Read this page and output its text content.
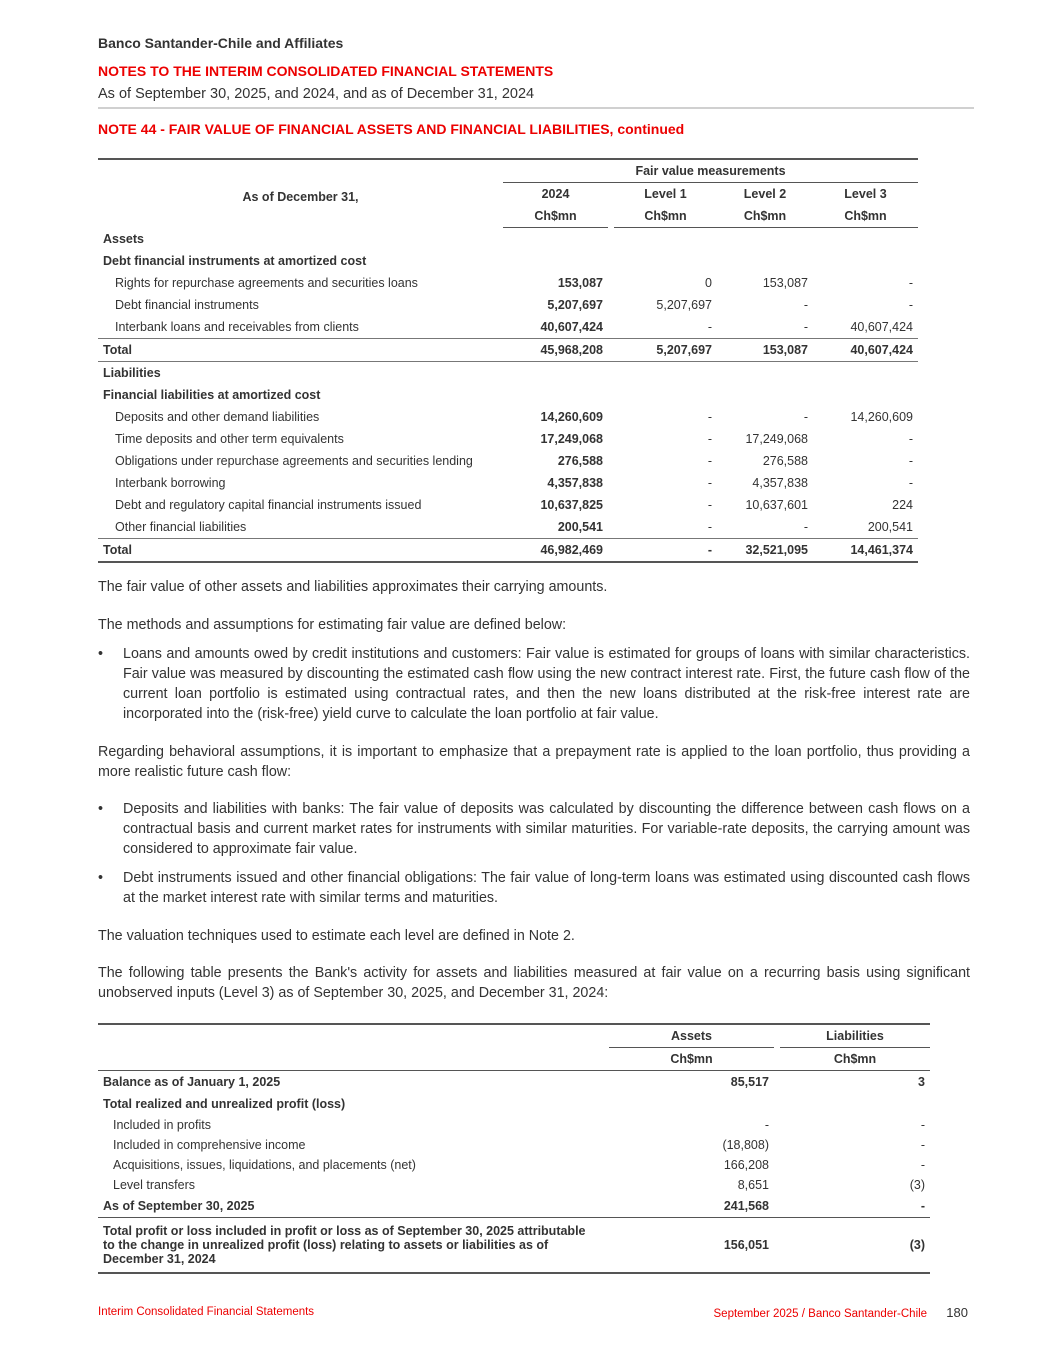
Banco Santander-Chile and Affiliates
NOTES TO THE INTERIM CONSOLIDATED FINANCIAL STATEMENTS
As of September 30, 2025, and 2024, and as of December 31, 2024
NOTE 44 - FAIR VALUE OF FINANCIAL ASSETS AND FINANCIAL LIABILITIES, continued
As of December 31,	Fair value measurements				
	2024		Level 1	Level 2	Level 3
	Ch$mn		Ch$mn	Ch$mn	Ch$mn
Assets					
Debt financial instruments at amortized cost					
Rights for repurchase agreements and securities loans	153,087		0	153,087	-
Debt financial instruments	5,207,697		5,207,697	-	-
Interbank loans and receivables from clients	40,607,424		-	-	40,607,424
Total	45,968,208		5,207,697	153,087	40,607,424
Liabilities					
Financial liabilities at amortized cost					
Deposits and other demand liabilities	14,260,609		-	-	14,260,609
Time deposits and other term equivalents	17,249,068		-	17,249,068	-
Obligations under repurchase agreements and securities lending	276,588		-	276,588	-
Interbank borrowing	4,357,838		-	4,357,838	-
Debt and regulatory capital financial instruments issued	10,637,825		-	10,637,601	224
Other financial liabilities	200,541		-	-	200,541
Total	46,982,469		-	32,521,095	14,461,374
The fair value of other assets and liabilities approximates their carrying amounts.
The methods and assumptions for estimating fair value are defined below:
•	Loans and amounts owed by credit institutions and customers: Fair value is estimated for groups of loans with similar characteristics. Fair value was measured by discounting the estimated cash flow using the new contract interest rate. First, the future cash flow of the current loan portfolio is estimated using contractual rates, and then the new loans distributed at the risk-free interest rate are incorporated into the (risk-free) yield curve to calculate the loan portfolio at fair value.
Regarding behavioral assumptions, it is important to emphasize that a prepayment rate is applied to the loan portfolio, thus providing a more realistic future cash flow:
•	Deposits and liabilities with banks: The fair value of deposits was calculated by discounting the difference between cash flows on a contractual basis and current market rates for instruments with similar maturities. For variable-rate deposits, the carrying amount was considered to approximate fair value.
•	Debt instruments issued and other financial obligations: The fair value of long-term loans was estimated using discounted cash flows at the market interest rate with similar terms and maturities.
The valuation techniques used to estimate each level are defined in Note 2.
The following table presents the Bank's activity for assets and liabilities measured at fair value on a recurring basis using significant unobserved inputs (Level 3) as of September 30, 2025, and December 31, 2024:
	Assets		Liabilities
	Ch$mn		Ch$mn
Balance as of January 1, 2025	85,517		3
Total realized and unrealized profit (loss)			
Included in profits	-		-
Included in comprehensive income	(18,808)		-
Acquisitions, issues, liquidations, and placements (net)	166,208		-
Level transfers	8,651		(3)
As of September 30, 2025	241,568		-
Total profit or loss included in profit or loss as of September 30, 2025 attributable to the change in unrealized profit (loss) relating to assets or liabilities as of December 31, 2024	156,051		(3)
Interim Consolidated Financial Statements	September 2025 / Banco Santander-Chile 180
